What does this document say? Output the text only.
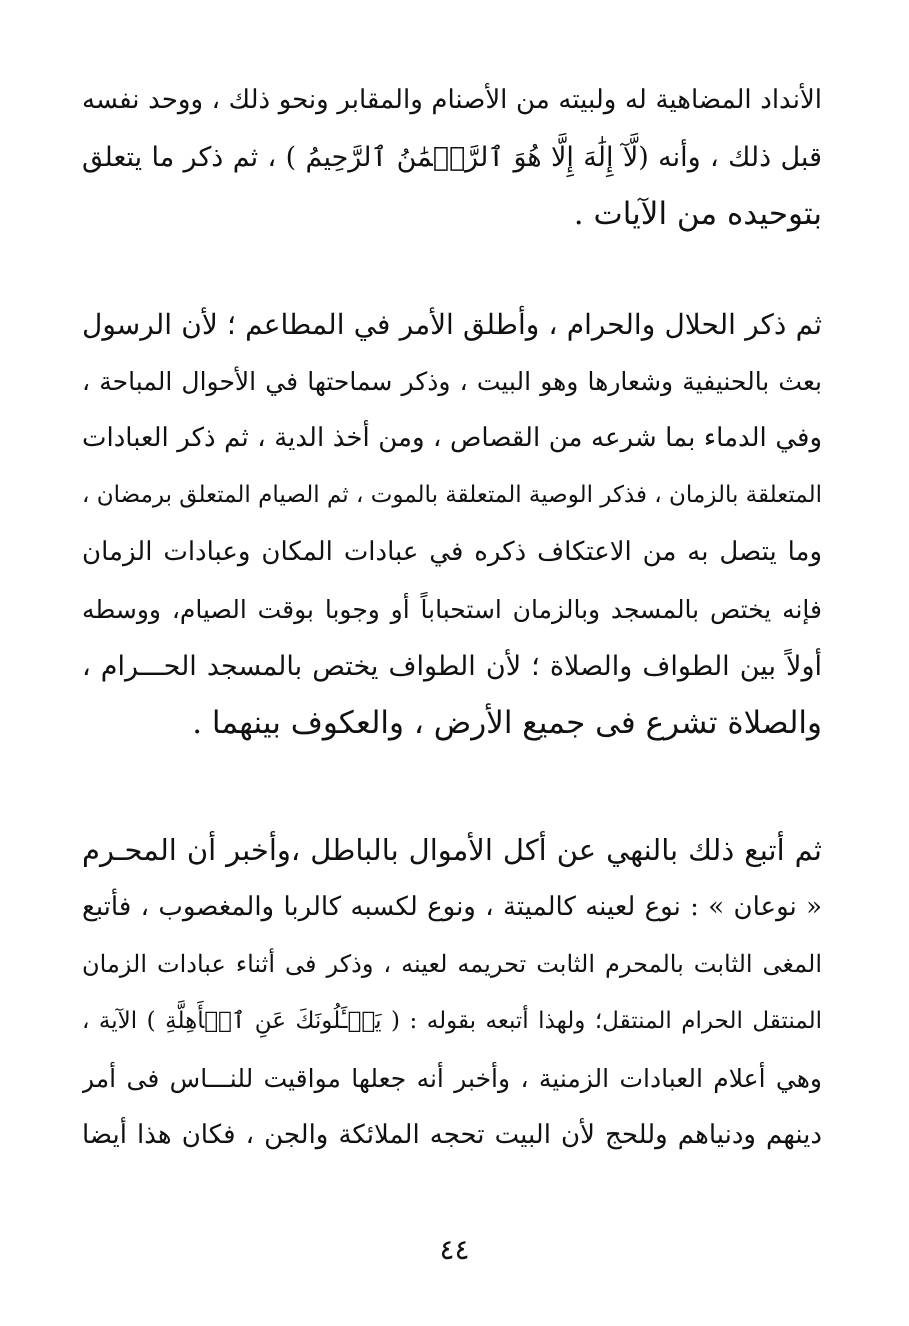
الأنداد المضاهية له ولبيته من الأصنام والمقابر ونحو ذلك ، ووحد نفسه
قبل ذلك ، وأنه (لَّآ إِلَٰهَ إِلَّا هُوَ ٱلرَّحۡمَٰنُ ٱلرَّحِيمُ ) ، ثم ذكر ما يتعلق
بتوحيده من الآيات .
ثم ذكر الحلال والحرام ، وأطلق الأمر في المطاعم ؛ لأن الرسول
بعث بالحنيفية وشعارها وهو البيت ، وذكر سماحتها في الأحوال المباحة ،
وفي الدماء بما شرعه من القصاص ، ومن أخذ الدية ، ثم ذكر العبادات
المتعلقة بالزمان ، فذكر الوصية المتعلقة بالموت ، ثم الصيام المتعلق برمضان ،
وما يتصل به من الاعتكاف ذكره في عبادات المكان وعبادات الزمان
فإنه يختص بالمسجد وبالزمان استحباباً أو وجوبا بوقت الصيام، ووسطه
أولاً بين الطواف والصلاة ؛ لأن الطواف يختص بالمسجد الحـــرام ،
والصلاة تشرع فى جميع الأرض ، والعكوف بينهما .
ثم أتبع ذلك بالنهي عن أكل الأموال بالباطل ،وأخبر أن المحـرم
« نوعان » : نوع لعينه كالميتة ، ونوع لكسبه كالربا والمغصوب ، فأتبع
المغى الثابت بالمحرم الثابت تحريمه لعينه ، وذكر فى أثناء عبادات الزمان
المنتقل الحرام المنتقل؛ ولهذا أتبعه بقوله : ( يَسۡـَٔلُونَكَ عَنِ ٱلۡأَهِلَّةِ ) الآية ،
وهي أعلام العبادات الزمنية ، وأخبر أنه جعلها مواقيت للنـــاس فى أمر
دينهم ودنياهم وللحج لأن البيت تحجه الملائكة والجن ، فكان هذا أيضا
٤٤
